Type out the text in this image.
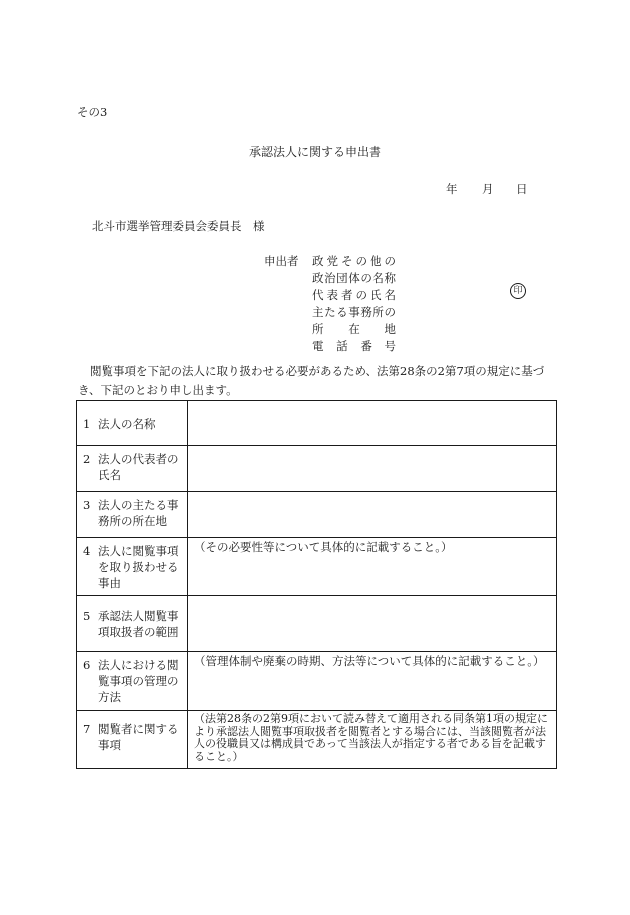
その3
承認法人に関する申出書
年 月 日
北斗市選挙管理委員会委員長　様
申出者 政 党 そ の 他 の
政 治 団 体 の 名 称
代 表 者 の 氏 名
主 た る 事 務 所 の
所 在 地
電 話 番 号
印
閲覧事項を下記の法人に取り扱わせる必要があるため、法第28条の2第7項の規定に基づき、下記のとおり申し出ます。
1 法人の名称	

2 法人の代表者の氏名	

3 法人の主たる事務所の所在地	

4 法人に閲覧事項を取り扱わせる事由	（その必要性等について具体的に記載すること。）

5 承認法人閲覧事項取扱者の範囲	

6 法人における閲覧事項の管理の方法	（管理体制や廃棄の時期、方法等について具体的に記載すること。）

7 閲覧者に関する事項	（法第28条の2第9項において読み替えて適用される同条第1項の規定により承認法人閲覧事項取扱者を閲覧者とする場合には、当該閲覧者が法人の役職員又は構成員であって当該法人が指定する者である旨を記載すること。）
